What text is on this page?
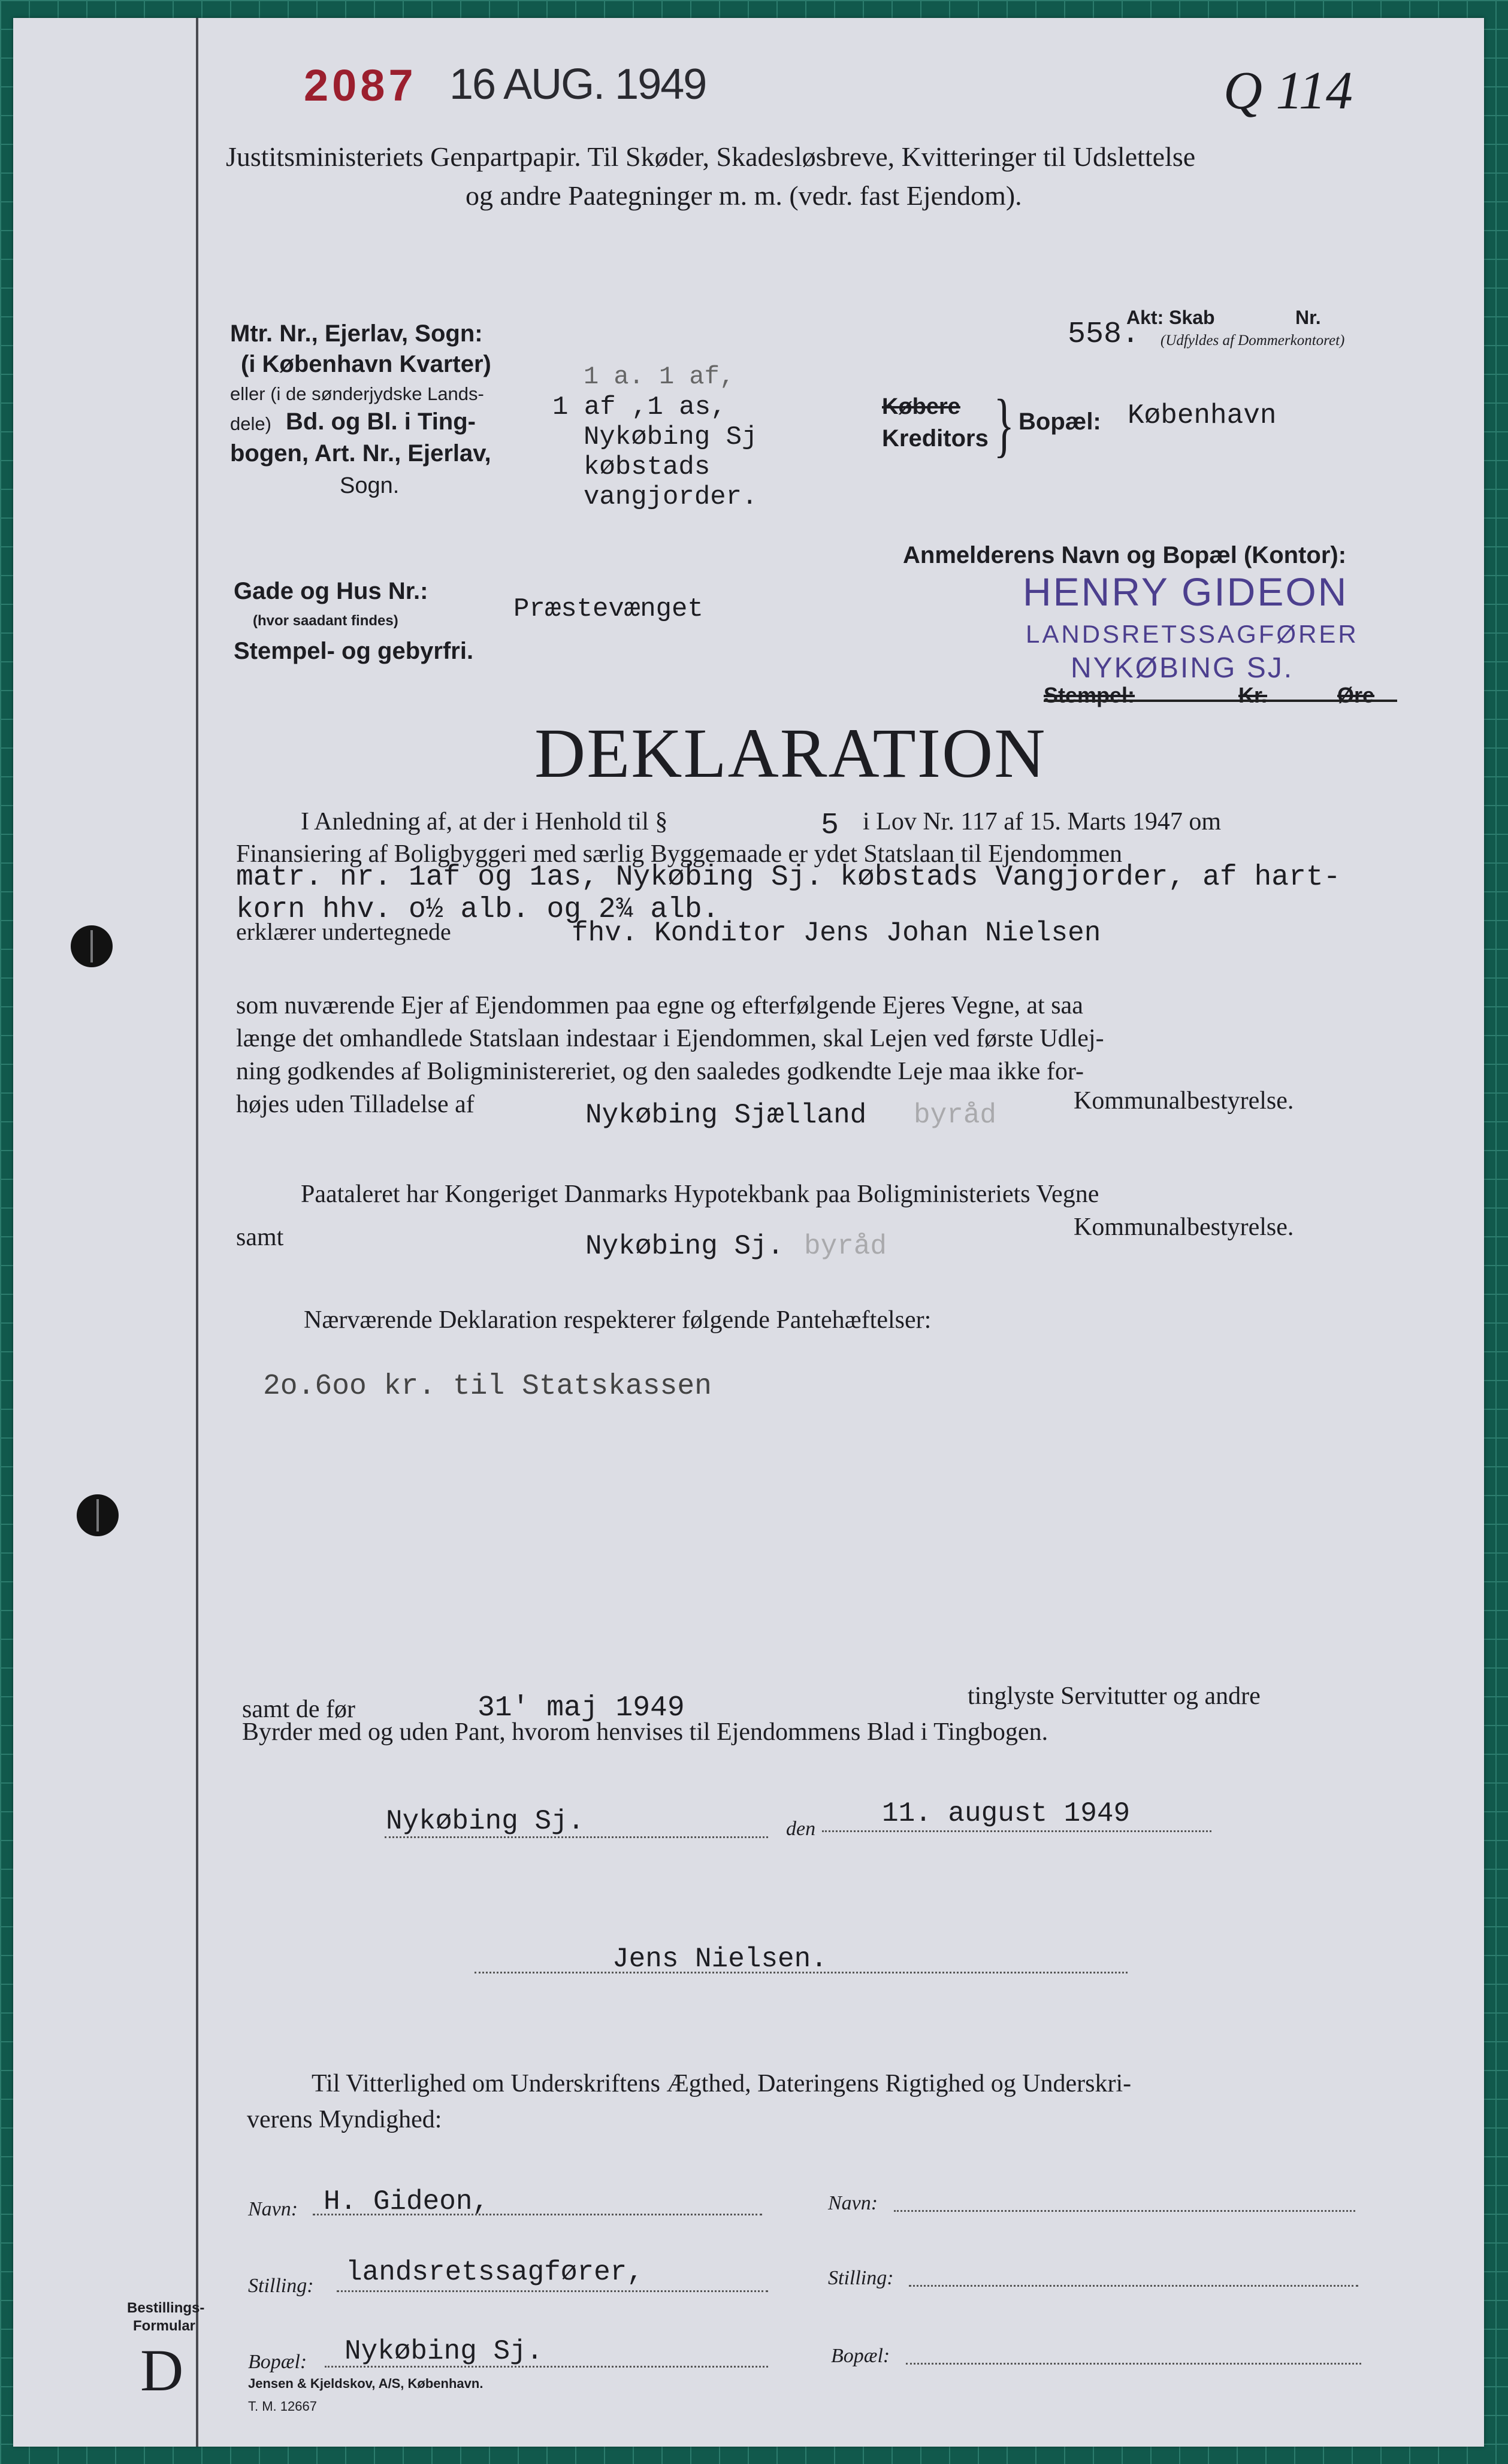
2087 16 AUG. 1949	Q 114
Justitsministeriets Genpartpapir. Til Skøder, Skadesløsbreve, Kvitteringer til Udslettelse
og andre Paategninger m. m. (vedr. fast Ejendom).
Mtr. Nr., Ejerlav, Sogn:
(i København Kvarter)
eller (i de sønderjydske Lands-
dele) Bd. og Bl. i Ting-
bogen, Art. Nr., Ejerlav,
Sogn.
1 a. 1 af,
1 af ,1 as,
Nykøbing Sj
købstads
vangjorder.
Akt: Skab
558.	Nr.
(Udfyldes af Dommerkontoret)
Købere
Kreditors } Bopæl: København
Gade og Hus Nr.:
(hvor saadant findes)	Præstevænget
Stempel- og gebyrfri.
Anmelderens Navn og Bopæl (Kontor):
HENRY GIDEON
LANDSRETSSAGFØRER
NYKØBING SJ.
Stempel:	Kr.	Øre
DEKLARATION
I Anledning af, at der i Henhold til §	5 i Lov Nr. 117 af 15. Marts 1947 om
Finansiering af Boligbyggeri med særlig Byggemaade er ydet Statslaan til Ejendommen
matr. nr. 1af og 1as, Nykøbing Sj. købstads Vangjorder, af hart-
korn hhv. o½ alb. og 2¾ alb.
erklærer undertegnede	fhv. Konditor Jens Johan Nielsen
som nuværende Ejer af Ejendommen paa egne og efterfølgende Ejeres Vegne, at saa
længe det omhandlede Statslaan indestaar i Ejendommen, skal Lejen ved første Udlej-
ning godkendes af Boligministereriet, og den saaledes godkendte Leje maa ikke for-
højes uden Tilladelse af	Nykøbing Sjælland byråd	Kommunalbestyrelse.
Paataleret har Kongeriget Danmarks Hypotekbank paa Boligministeriets Vegne
samt	Nykøbing Sj. byråd
Kommunalbestyrelse.
Nærværende Deklaration respekterer følgende Pantehæftelser:
2o.6oo kr. til Statskassen
samt de før	31' maj 1949	tinglyste Servitutter og andre
Byrder med og uden Pant, hvorom henvises til Ejendommens Blad i Tingbogen.
Nykøbing Sj.	den 11. august 1949
Jens Nielsen.
Til Vitterlighed om Underskriftens Ægthed, Dateringens Rigtighed og Underskri-
verens Myndighed:
Navn: H. Gideon,	Navn:
Stilling: landsretssagfører,	Stilling:
Bopæl: Nykøbing Sj.	Bopæl:
Bestillings-
Formular
D	Jensen & Kjeldskov, A/S, København.
T. M. 12667
